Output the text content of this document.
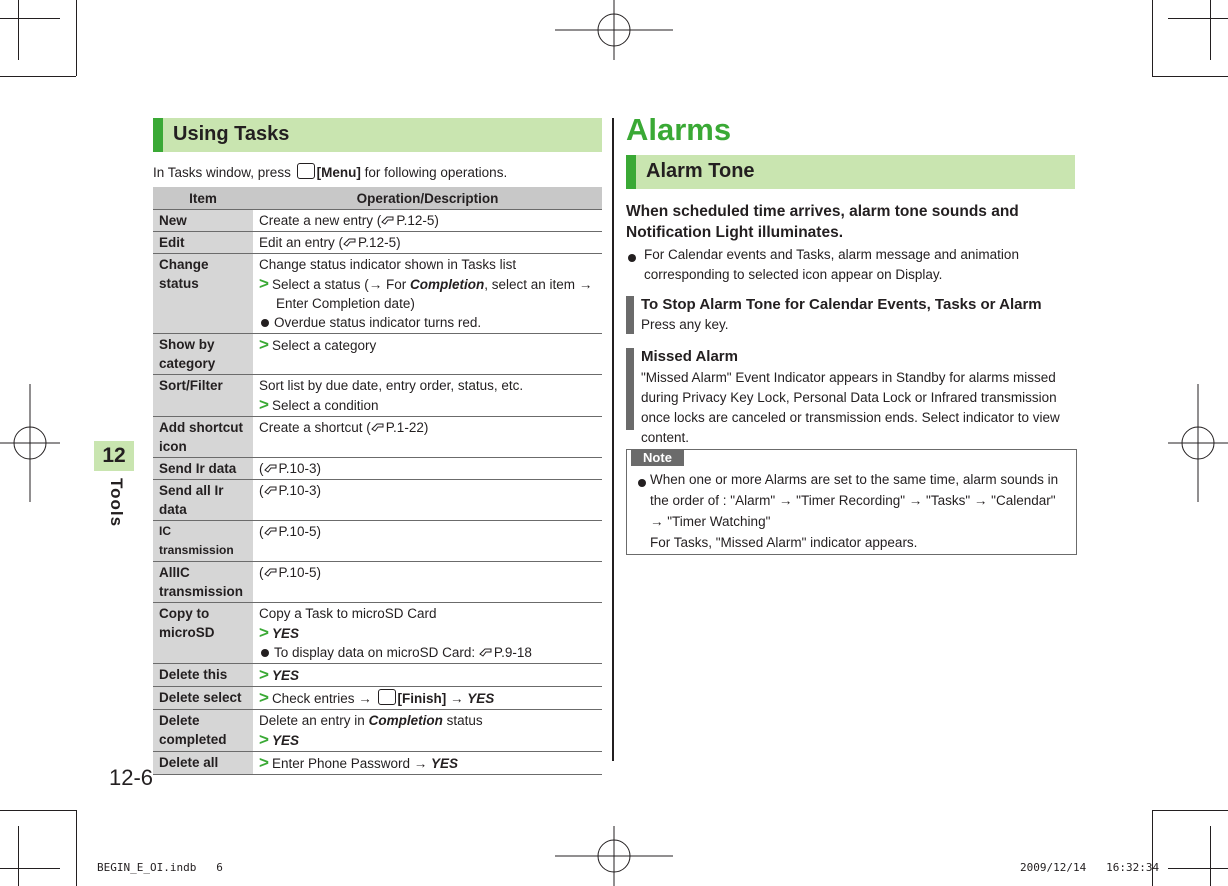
Using Tasks
In Tasks window, press [Menu] for following operations.
Item	Operation/Description
New	Create a new entry ( P.12-5)
Edit	Edit an entry ( P.12-5)
Change status	Change status indicator shown in Tasks list
> Select a status (→ For Completion, select an item →

Enter Completion date)
Overdue status indicator turns red.
Show by category	> Select a category
Sort/Filter	Sort list by due date, entry order, status, etc.
> Select a condition
Add shortcut icon	Create a shortcut ( P.1-22)
Send Ir data	( P.10-3)
Send all Ir data	( P.10-3)
IC transmission	( P.10-5)
AllIC transmission	( P.10-5)
Copy to microSD	Copy a Task to microSD Card
> YES
To display data on microSD Card: P.9-18
Delete this	> YES
Delete select	> Check entries → [Finish] → YES
Delete completed	Delete an entry in Completion status
> YES
Delete all	> Enter Phone Password → YES
12
Tools
12-6
Alarms
Alarm Tone
When scheduled time arrives, alarm tone sounds and Notification Light illuminates.
For Calendar events and Tasks, alarm message and animation corresponding to selected icon appear on Display.
To Stop Alarm Tone for Calendar Events, Tasks or Alarm
Press any key.
Missed Alarm
"Missed Alarm" Event Indicator appears in Standby for alarms missed during Privacy Key Lock, Personal Data Lock or Infrared transmission once locks are canceled or transmission ends. Select indicator to view content.
Note
When one or more Alarms are set to the same time, alarm sounds in the order of : "Alarm" → "Timer Recording" → "Tasks" → "Calendar"
→ "Timer Watching"
For Tasks, "Missed Alarm" indicator appears.
BEGIN_E_OI.indb 6	2009/12/14 16:32:34
